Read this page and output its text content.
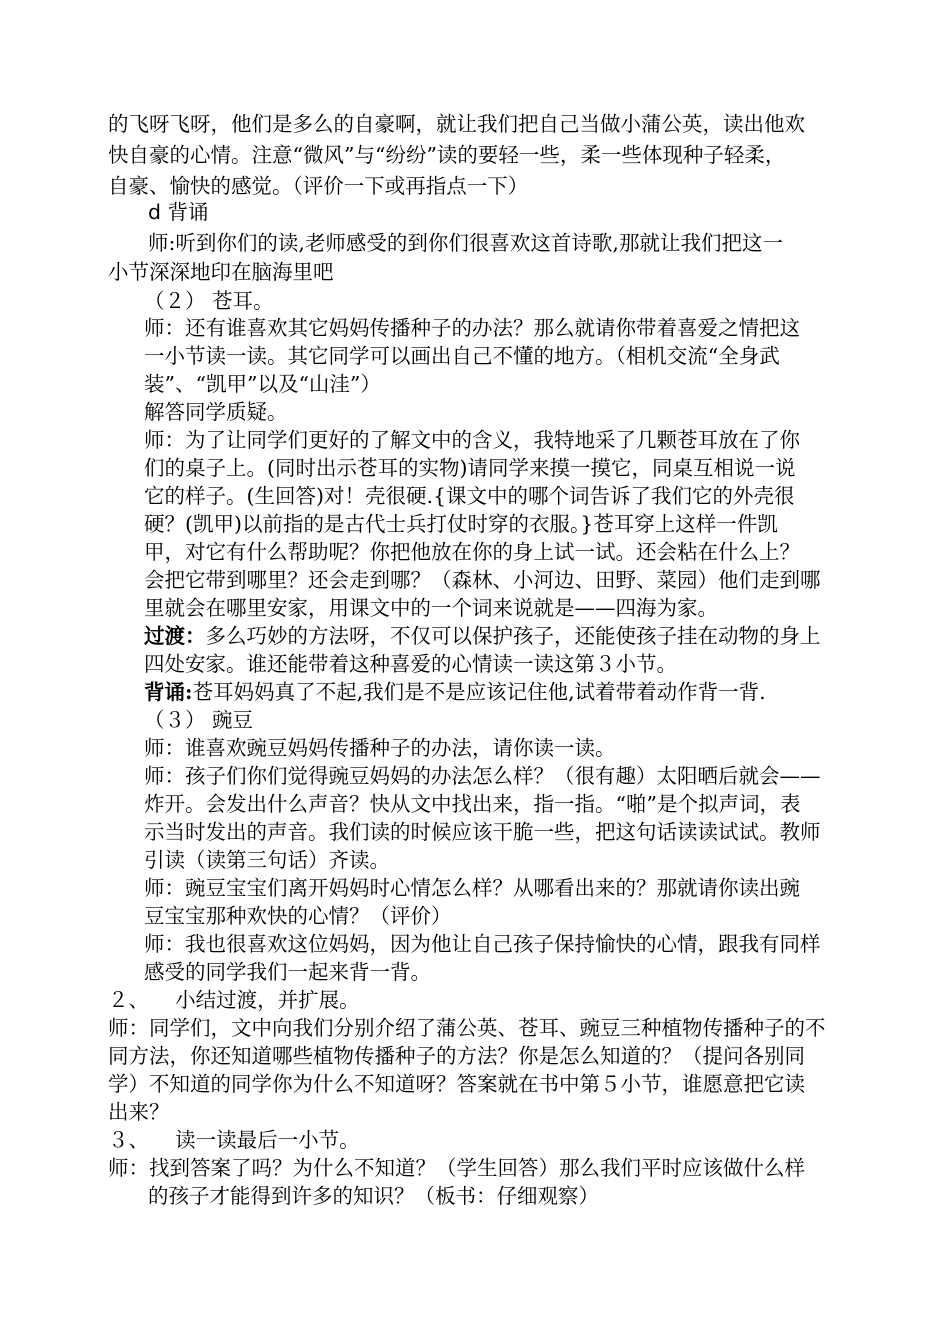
的飞呀飞呀，他们是多么的自豪啊，就让我们把自己当做小蒲公英，读出他欢
快自豪的心情。注意“微风”与“纷纷”读的要轻一些，柔一些体现种子轻柔，
自豪、愉快的感觉。（评价一下或再指点一下）
d 背诵
师:听到你们的读,老师感受的到你们很喜欢这首诗歌,那就让我们把这一
小节深深地印在脑海里吧
（２） 苍耳。
师：还有谁喜欢其它妈妈传播种子的办法？那么就请你带着喜爱之情把这
一小节读一读。其它同学可以画出自己不懂的地方。（相机交流“全身武
装”、“凯甲”以及“山洼”）
解答同学质疑。
师：为了让同学们更好的了解文中的含义，我特地采了几颗苍耳放在了你
们的桌子上。(同时出示苍耳的实物)请同学来摸一摸它，同桌互相说一说
它的样子。(生回答)对！壳很硬.{课文中的哪个词告诉了我们它的外壳很
硬？(凯甲)以前指的是古代士兵打仗时穿的衣服。}苍耳穿上这样一件凯
甲，对它有什么帮助呢？你把他放在你的身上试一试。还会粘在什么上？
会把它带到哪里？还会走到哪？（森林、小河边、田野、菜园）他们走到哪
里就会在哪里安家，用课文中的一个词来说就是——四海为家。
过渡：多么巧妙的方法呀，不仅可以保护孩子，还能使孩子挂在动物的身上
四处安家。谁还能带着这种喜爱的心情读一读这第３小节。
背诵:苍耳妈妈真了不起,我们是不是应该记住他,试着带着动作背一背.
（３） 豌豆
师：谁喜欢豌豆妈妈传播种子的办法，请你读一读。
师：孩子们你们觉得豌豆妈妈的办法怎么样？（很有趣）太阳晒后就会——
炸开。会发出什么声音？快从文中找出来，指一指。“啪”是个拟声词，表
示当时发出的声音。我们读的时候应该干脆一些，把这句话读读试试。教师
引读（读第三句话）齐读。
师：豌豆宝宝们离开妈妈时心情怎么样？从哪看出来的？那就请你读出豌
豆宝宝那种欢快的心情？（评价）
师：我也很喜欢这位妈妈，因为他让自己孩子保持愉快的心情，跟我有同样
感受的同学我们一起来背一背。
２、    小结过渡，并扩展。
师：同学们，文中向我们分别介绍了蒲公英、苍耳、豌豆三种植物传播种子的不
同方法，你还知道哪些植物传播种子的方法？你是怎么知道的？（提问各别同
学）不知道的同学你为什么不知道呀？答案就在书中第５小节，谁愿意把它读
出来？
３、    读一读最后一小节。
师：找到答案了吗？为什么不知道？（学生回答）那么我们平时应该做什么样
的孩子才能得到许多的知识？（板书：仔细观察）
